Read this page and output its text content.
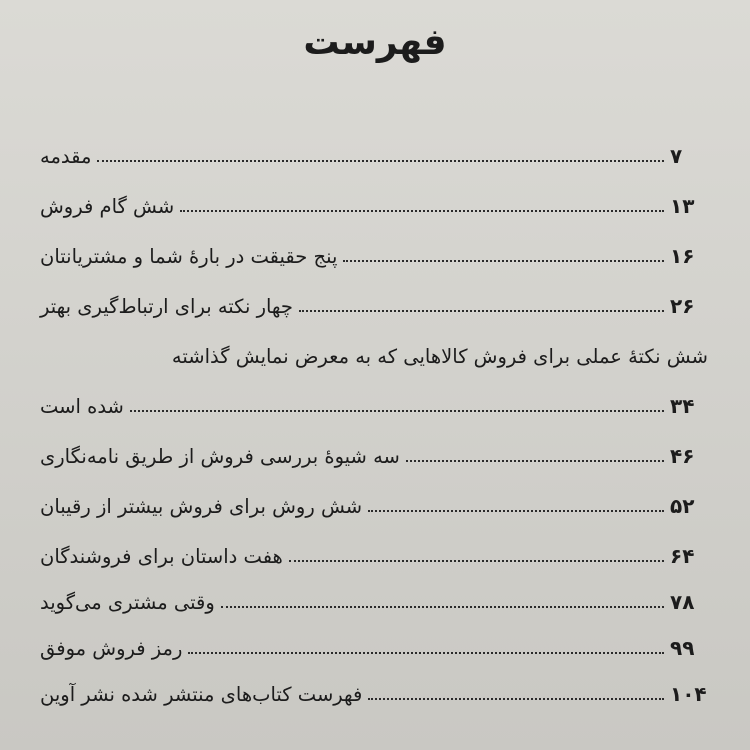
فهرست
مقدمه	۷
شش گام فروش	۱۳
پنج حقیقت در بارهٔ شما و مشتریانتان	۱۶
چهار نکته برای ارتباط‌گیری بهتر	۲۶
شش نکتهٔ عملی برای فروش کالاهایی که به معرض نمایش گذاشته
شده است	۳۴
سه شیوهٔ بررسی فروش از طریق نامه‌نگاری	۴۶
شش روش برای فروش بیشتر از رقیبان	۵۲
هفت داستان برای فروشندگان	۶۴
وقتی مشتری می‌گوید	۷۸
رمز فروش موفق	۹۹
فهرست کتاب‌های منتشر شده نشر آوین	۱۰۴
